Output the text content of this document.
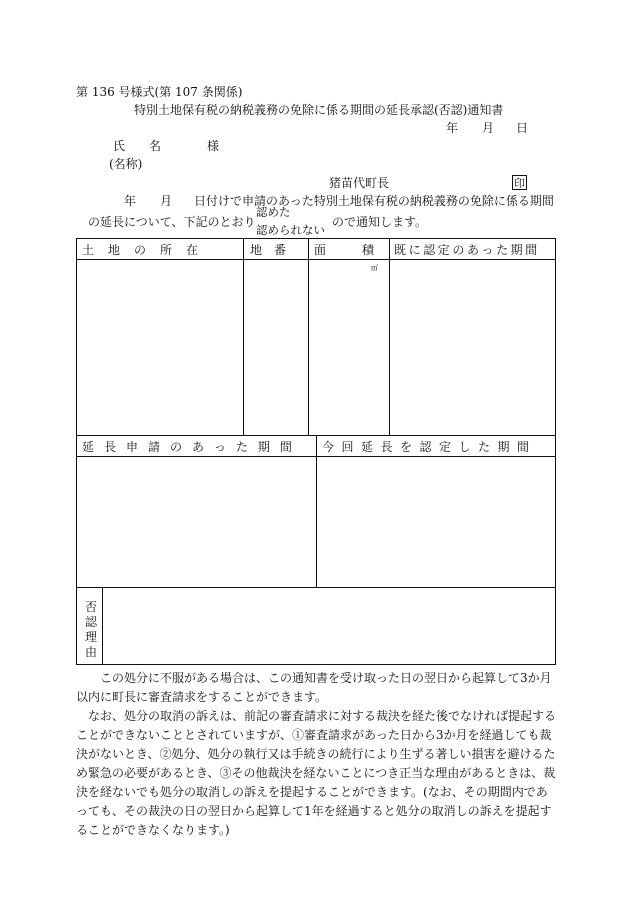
第 136 号様式(第 107 条関係)
特別土地保有税の納税義務の免除に係る期間の延長承認(否認)通知書
年 月 日
氏　　名	様
(名称)
猪苗代町長	印
年 月 日付けで申請のあった特別土地保有税の納税義務の免除に係る期間
の延長について、下記のとおり
認めた
認められない
ので通知します。
土　地　の　所　在	地　番 面　　　積 既に認定のあった期間
㎡
延長申請のあった期間 今回延長を認定した期間
否認理由
この処分に不服がある場合は、この通知書を受け取った日の翌日から起算して3か月以内に町長に審査請求をすることができます。
なお、処分の取消の訴えは、前記の審査請求に対する裁決を経た後でなければ提起することができないこととされていますが、①審査請求があった日から3か月を経過しても裁決がないとき、②処分、処分の執行又は手続きの続行により生ずる著しい損害を避けるため緊急の必要があるとき、③その他裁決を経ないことにつき正当な理由があるときは、裁決を経ないでも処分の取消しの訴えを提起することができます。(なお、その期間内であっても、その裁決の日の翌日から起算して1年を経過すると処分の取消しの訴えを提起することができなくなります。)
